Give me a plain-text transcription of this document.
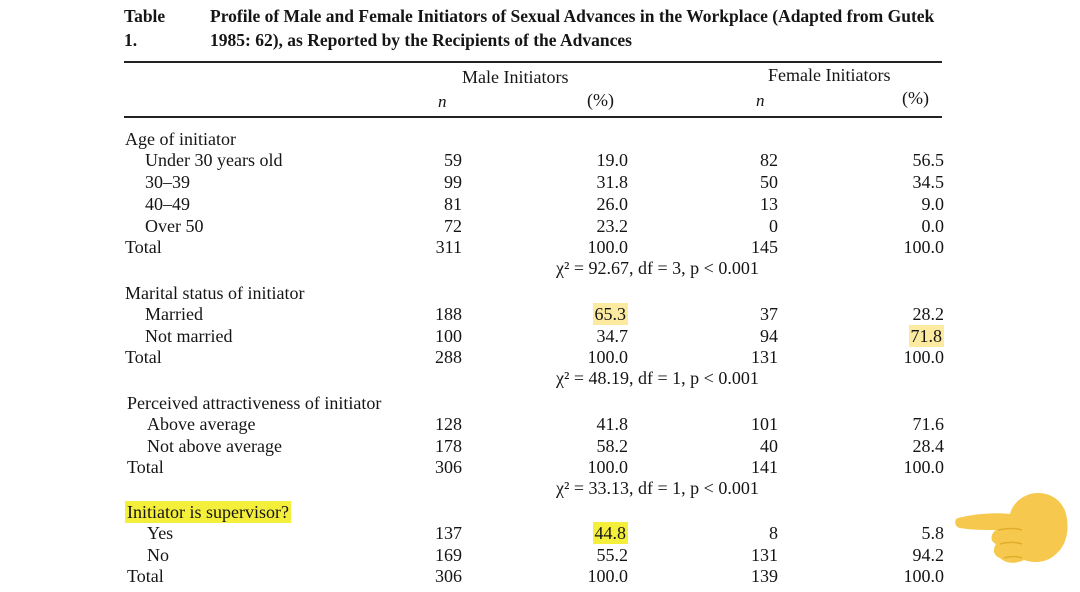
Table 1.
Profile of Male and Female Initiators of Sexual Advances in the Workplace (Adapted from Gutek 1985: 62), as Reported by the Recipients of the Advances
Male Initiators	Female Initiators
n	(%)	n	(%)
Age of initiator
Under 30 years old	59	19.0	82	56.5
30–39	99	31.8	50	34.5
40–49	81	26.0	13	9.0
Over 50	72	23.2	0	0.0
Total	311	100.0	145	100.0
χ² = 92.67, df = 3, p < 0.001
Marital status of initiator
Married	188	65.3	37	28.2
Not married	100	34.7	94	71.8
Total	288	100.0	131	100.0
χ² = 48.19, df = 1, p < 0.001
Perceived attractiveness of initiator
Above average	128	41.8	101	71.6
Not above average	178	58.2	40	28.4
Total	306	100.0	141	100.0
χ² = 33.13, df = 1, p < 0.001
Initiator is supervisor?
Yes	137	44.8	8	5.8
No	169	55.2	131	94.2
Total	306	100.0	139	100.0
